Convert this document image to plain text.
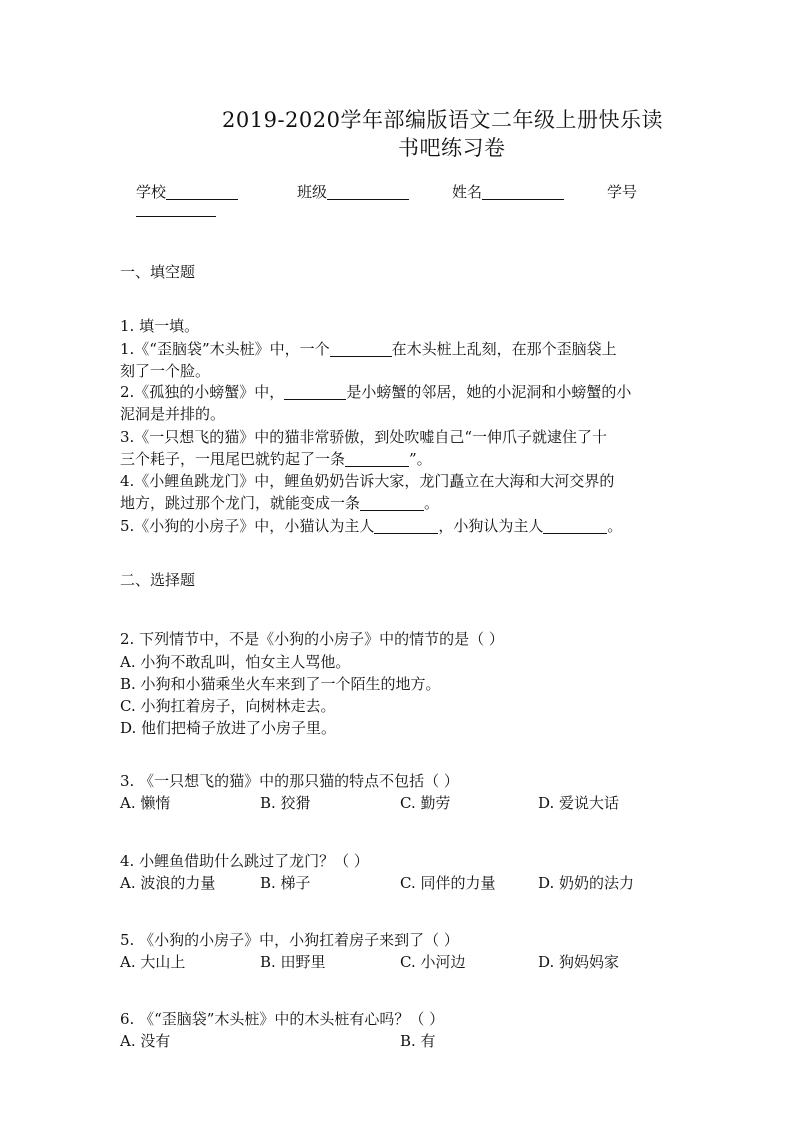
2019-2020学年部编版语文二年级上册快乐读
书吧练习卷
学校	班级	姓名	学号
一、填空题
1. 填一填。
1.《“歪脑袋”木头桩》中，一个	在木头桩上乱刻，在那个歪脑袋上
刻了一个脸。
2.《孤独的小螃蟹》中，	是小螃蟹的邻居，她的小泥洞和小螃蟹的小
泥洞是并排的。
3.《一只想飞的猫》中的猫非常骄傲，到处吹嘘自己“一伸爪子就逮住了十
三个耗子，一甩尾巴就钓起了一条	”。
4.《小鲤鱼跳龙门》中，鲤鱼奶奶告诉大家，龙门矗立在大海和大河交界的
地方，跳过那个龙门，就能变成一条	。
5.《小狗的小房子》中，小猫认为主人	，小狗认为主人	。
二、选择题
2. 下列情节中，不是《小狗的小房子》中的情节的是（ ）
A. 小狗不敢乱叫，怕女主人骂他。
B. 小狗和小猫乘坐火车来到了一个陌生的地方。
C. 小狗扛着房子，向树林走去。
D. 他们把椅子放进了小房子里。
3. 《一只想飞的猫》中的那只猫的特点不包括（ ）
A. 懒惰	B. 狡猾	C. 勤劳	D. 爱说大话
4. 小鲤鱼借助什么跳过了龙门？（ ）
A. 波浪的力量	B. 梯子	C. 同伴的力量	D. 奶奶的法力
5. 《小狗的小房子》中，小狗扛着房子来到了（ ）
A. 大山上	B. 田野里	C. 小河边	D. 狗妈妈家
6. 《“歪脑袋”木头桩》中的木头桩有心吗？（ ）
A. 没有	B. 有
